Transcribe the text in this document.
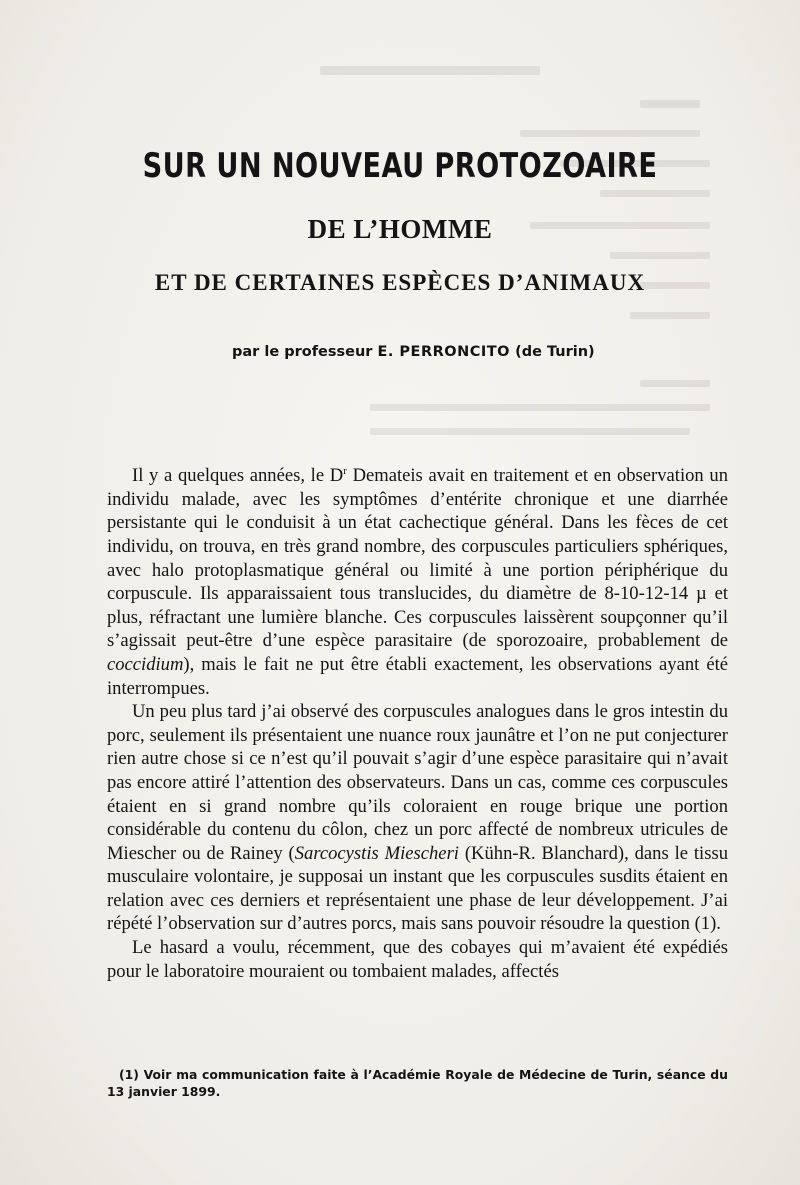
SUR UN NOUVEAU PROTOZOAIRE
DE L’HOMME
ET DE CERTAINES ESPÈCES D’ANIMAUX
par le professeur E. PERRONCITO (de Turin)

Il y a quelques années, le $D^r$ Demateis avait en traitement et en observation un individu malade, avec les symptômes d’entérite chronique et une diarrhée persistante qui le conduisit à un état cachectique général. Dans les fèces de cet individu, on trouva, en très grand nombre, des corpuscules particuliers sphériques, avec halo protoplasmatique général ou limité à une portion périphérique du corpuscule. Ils apparaissaient tous translucides, du diamètre de 8-10-12-14 µ et plus, réfractant une lumière blanche. Ces corpuscules laissèrent soupçonner qu’il s’agissait peut-être d’une espèce parasitaire (de sporozoaire, probablement de coccidium), mais le fait ne put être établi exactement, les observations ayant été interrompues.

Un peu plus tard j’ai observé des corpuscules analogues dans le gros intestin du porc, seulement ils présentaient une nuance roux jaunâtre et l’on ne put conjecturer rien autre chose si ce n’est qu’il pouvait s’agir d’une espèce parasitaire qui n’avait pas encore attiré l’attention des observateurs. Dans un cas, comme ces corpuscules étaient en si grand nombre qu’ils coloraient en rouge brique une portion considérable du contenu du côlon, chez un porc affecté de nombreux utricules de Miescher ou de Rainey (Sarcocystis Miescheri (Kühn-R. Blanchard), dans le tissu musculaire volontaire, je supposai un instant que les corpuscules susdits étaient en relation avec ces derniers et représentaient une phase de leur développement. J’ai répété l’observation sur d’autres porcs, mais sans pouvoir résoudre la question (1).

Le hasard a voulu, récemment, que des cobayes qui m’avaient été expédiés pour le laboratoire mouraient ou tombaient malades, affectés

(1) Voir ma communication faite à l’Académie Royale de Médecine de Turin, séance du 13 janvier 1899.
